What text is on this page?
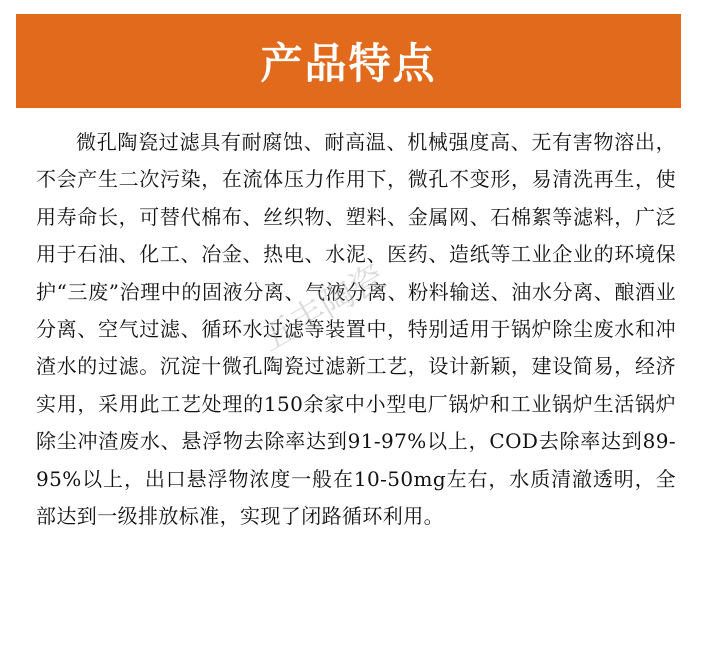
产品特点
微孔陶瓷过滤具有耐腐蚀、耐高温、机械强度高、无有害物溶出，不会产生二次污染，在流体压力作用下，微孔不变形，易清洗再生，使用寿命长，可替代棉布、丝织物、塑料、金属网、石棉絮等滤料，广泛用于石油、化工、冶金、热电、水泥、医药、造纸等工业企业的环境保护“三废”治理中的固液分离、气液分离、粉料输送、油水分离、酿酒业分离、空气过滤、循环水过滤等装置中，特别适用于锅炉除尘废水和冲渣水的过滤。沉淀十微孔陶瓷过滤新工艺，设计新颖，建设简易，经济实用，采用此工艺处理的150余家中小型电厂锅炉和工业锅炉生活锅炉除尘冲渣废水、悬浮物去除率达到91-97%以上，COD去除率达到89-95%以上，出口悬浮物浓度一般在10-50mg左右，水质清澈透明，全部达到一级排放标准，实现了闭路循环利用。
五丰陶瓷
